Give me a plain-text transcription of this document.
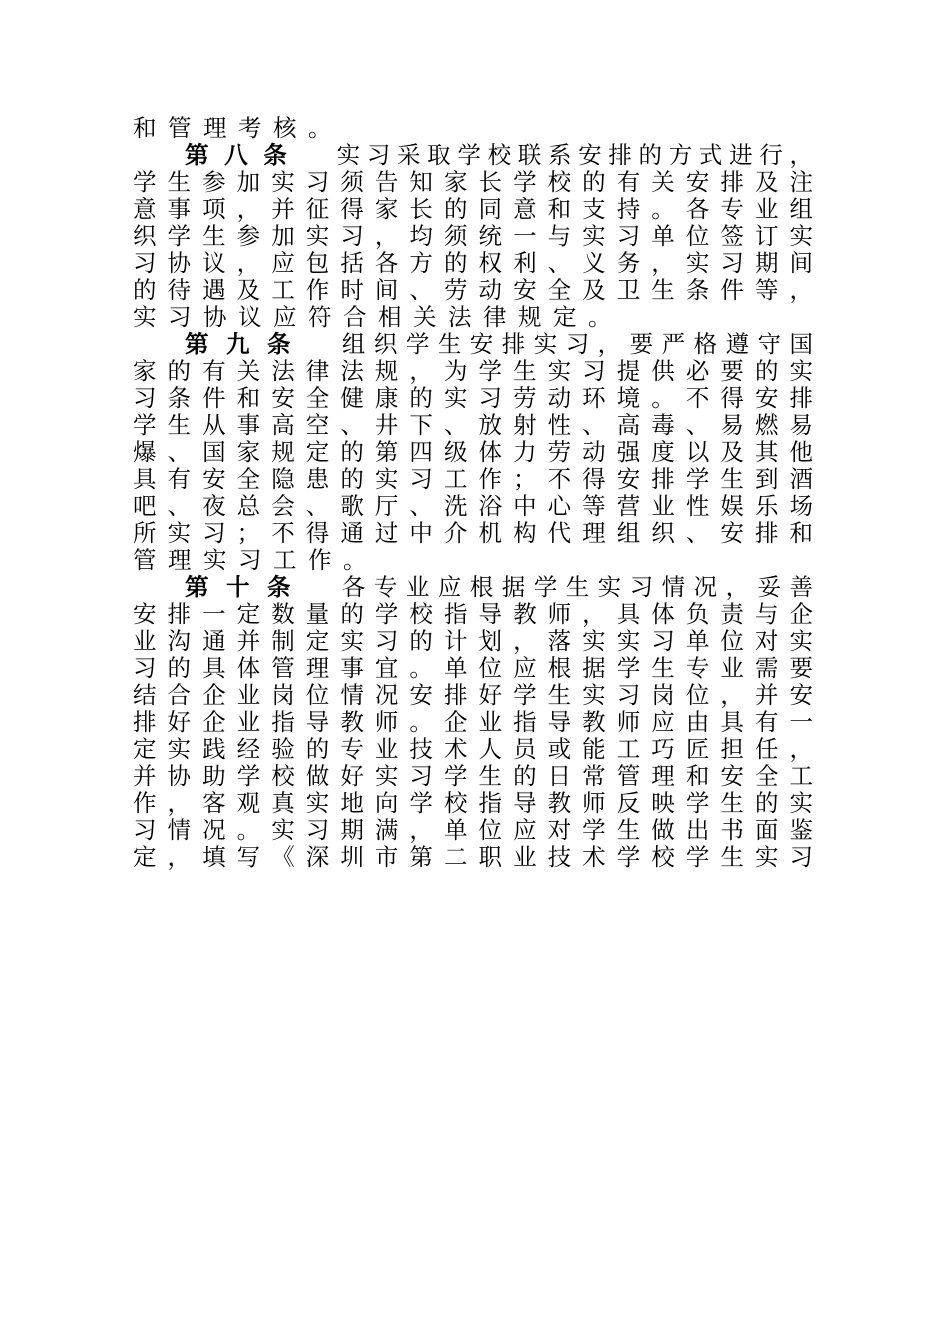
和管理考核。
第八条 实习采取学校联系安排的方式进行，
学生参加实习须告知家长学校的有关安排及注
意事项，并征得家长的同意和支持。各专业组
织学生参加实习，均须统一与实习单位签订实
习协议，应包括各方的权利、义务，实习期间
的待遇及工作时间、劳动安全及卫生条件等，
实习协议应符合相关法律规定。
第九条 组织学生安排实习，要严格遵守国
家的有关法律法规，为学生实习提供必要的实
习条件和安全健康的实习劳动环境。不得安排
学生从事高空、井下、放射性、高毒、易燃易
爆、国家规定的第四级体力劳动强度以及其他
具有安全隐患的实习工作；不得安排学生到酒
吧、夜总会、歌厅、洗浴中心等营业性娱乐场
所实习；不得通过中介机构代理组织、安排和
管理实习工作。
第十条 各专业应根据学生实习情况，妥善
安排一定数量的学校指导教师，具体负责与企
业沟通并制定实习的计划，落实实习单位对实
习的具体管理事宜。单位应根据学生专业需要
结合企业岗位情况安排好学生实习岗位，并安
排好企业指导教师。企业指导教师应由具有一
定实践经验的专业技术人员或能工巧匠担任，
并协助学校做好实习学生的日常管理和安全工
作，客观真实地向学校指导教师反映学生的实
习情况。实习期满，单位应对学生做出书面鉴
定，填写《深圳市第二职业技术学校学生实习
